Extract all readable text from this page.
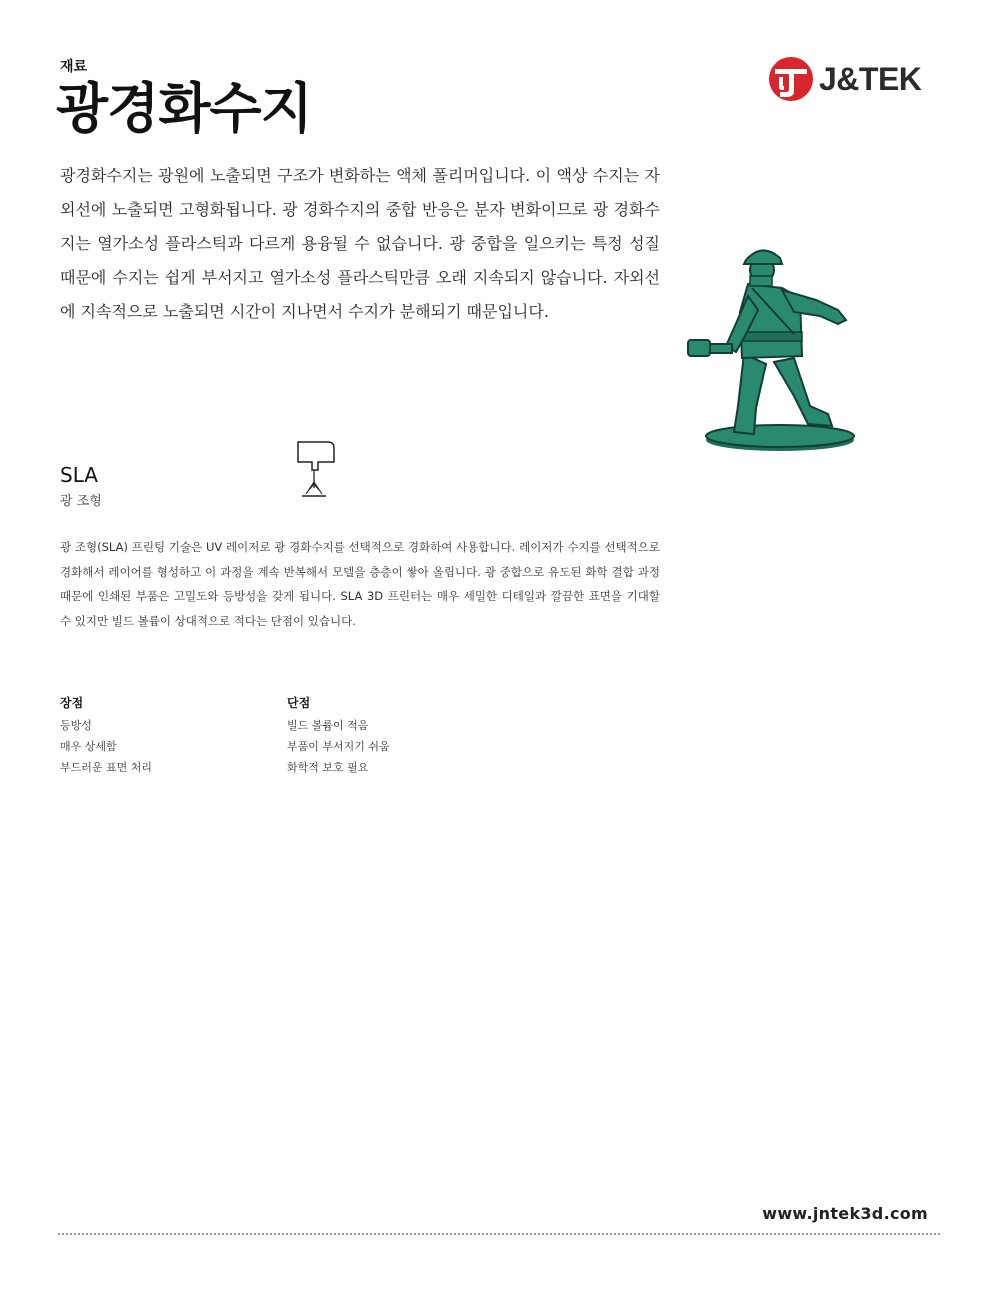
재료
광경화수지	J&TEK
광경화수지는 광원에 노출되면 구조가 변화하는 액체 폴리머입니다. 이 액상 수지는 자외선에 노출되면 고형화됩니다. 광 경화수지의 중합 반응은 분자 변화이므로 광 경화수지는 열가소성 플라스틱과 다르게 용융될 수 없습니다. 광 중합을 일으키는 특정 성질 때문에 수지는 쉽게 부서지고 열가소성 플라스틱만큼 오래 지속되지 않습니다. 자외선에 지속적으로 노출되면 시간이 지나면서 수지가 분해되기 때문입니다.
SLA
광 조형
광 조형(SLA) 프린팅 기술은 UV 레이저로 광 경화수지를 선택적으로 경화하여 사용합니다. 레이저가 수지를 선택적으로 경화해서 레이어를 형성하고 이 과정을 계속 반복해서 모델을 층층이 쌓아 올립니다. 광 중합으로 유도된 화학 결합 과정 때문에 인쇄된 부품은 고밀도와 등방성을 갖게 됩니다. SLA 3D 프린터는 매우 세밀한 디테일과 깔끔한 표면을 기대할 수 있지만 빌드 볼륨이 상대적으로 적다는 단점이 있습니다.
장점
등방성
매우 상세함
부드러운 표면 처리
단점
빌드 볼륨이 적음
부품이 부서지기 쉬움
화학적 보호 필요
www.jntek3d.com
